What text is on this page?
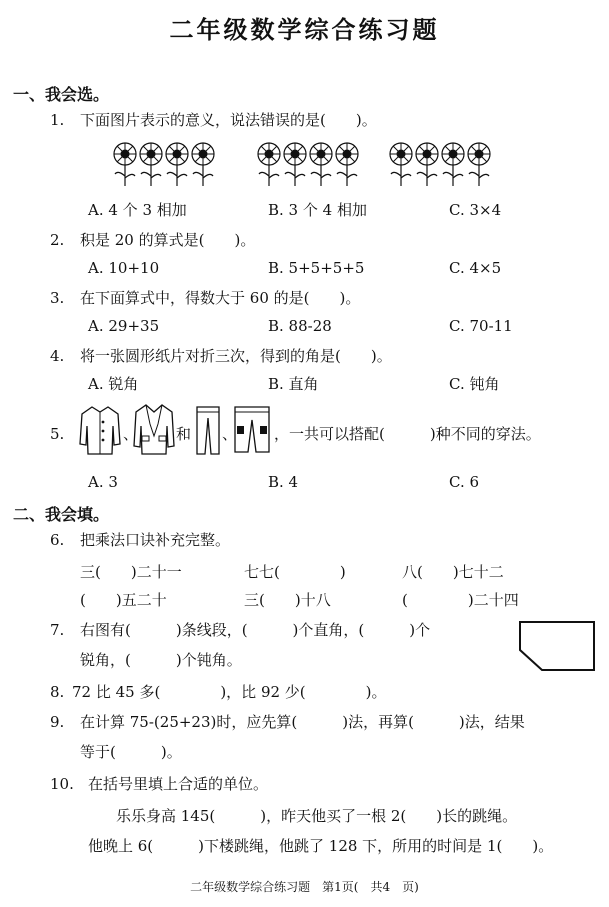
二年级数学综合练习题
一、我会选。
1. 下面图片表示的意义，说法错误的是(　　)。
A. 4 个 3 相加	B. 3 个 4 相加	C. 3×4
2. 积是 20 的算式是(　　)。
A. 10+10	B. 5+5+5+5	C. 4×5
3. 在下面算式中，得数大于 60 的是(　　)。
A. 29+35	B. 88-28	C. 70-11
4. 将一张圆形纸片对折三次，得到的角是(　　)。
A. 锐角	B. 直角	C. 钝角
5.	、	和 、 ，一共可以搭配(　　　)种不同的穿法。
A. 3	B. 4	C. 6
二、我会填。
6. 把乘法口诀补充完整。
三(　　)二十一	七七(　　　　)	八(　　)七十二
(　　)五二十	三(　　)十八	(　　　　)二十四
7. 右图有(　　　)条线段，(　　　)个直角，(　　　)个
锐角，(　　　)个钝角。
8. 72 比 45 多(　　　　)，比 92 少(　　　　)。
9. 在计算 75-(25+23)时，应先算(　　　)法，再算(　　　)法，结果
等于(　　　)。
10. 在括号里填上合适的单位。
乐乐身高 145(　　　)，昨天他买了一根 2(　　)长的跳绳。
他晚上 6(　　　)下楼跳绳，他跳了 128 下，所用的时间是 1(　　)。
二年级数学综合练习题　第1页(　共4　页)
